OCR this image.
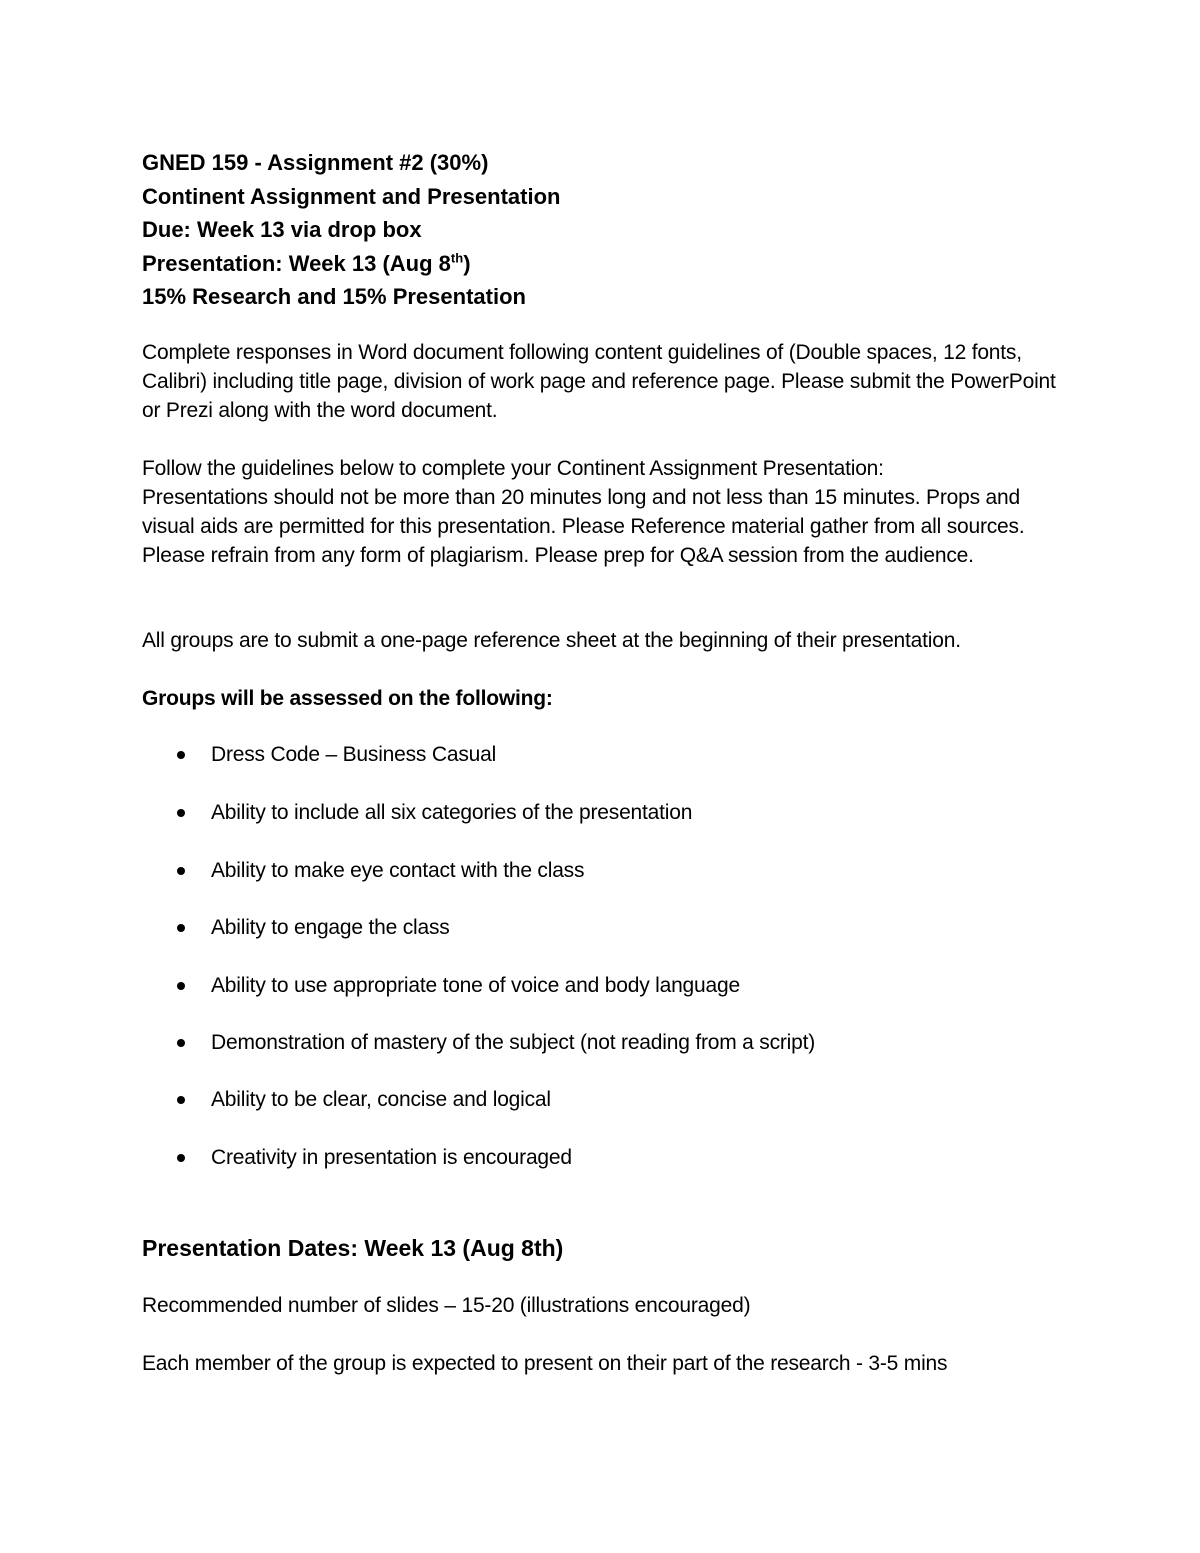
GNED 159 - Assignment #2 (30%)
Continent Assignment and Presentation
Due: Week 13 via drop box
Presentation: Week 13 (Aug 8th)
15% Research and 15% Presentation

Complete responses in Word document following content guidelines of (Double spaces, 12 fonts, Calibri) including title page, division of work page and reference page. Please submit the PowerPoint or Prezi along with the word document.

Follow the guidelines below to complete your Continent Assignment Presentation:
Presentations should not be more than 20 minutes long and not less than 15 minutes. Props and visual aids are permitted for this presentation. Please Reference material gather from all sources. Please refrain from any form of plagiarism. Please prep for Q&A session from the audience.

All groups are to submit a one-page reference sheet at the beginning of their presentation.

Groups will be assessed on the following:

Dress Code – Business Casual
Ability to include all six categories of the presentation
Ability to make eye contact with the class
Ability to engage the class
Ability to use appropriate tone of voice and body language
Demonstration of mastery of the subject (not reading from a script)
Ability to be clear, concise and logical
Creativity in presentation is encouraged
Presentation Dates: Week 13 (Aug 8th)

Recommended number of slides – 15-20 (illustrations encouraged)

Each member of the group is expected to present on their part of the research - 3-5 mins
